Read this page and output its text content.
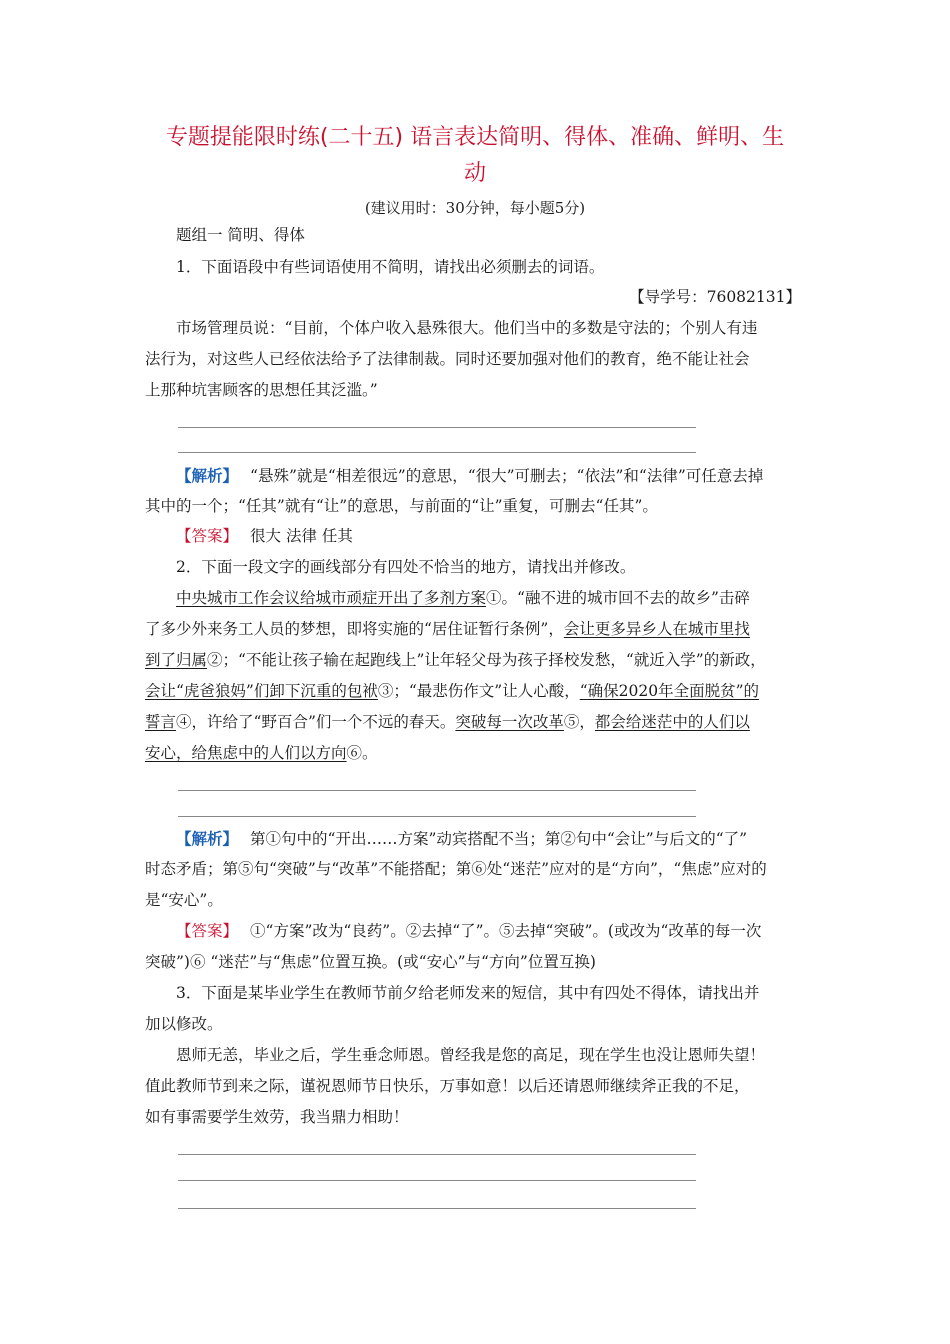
专题提能限时练(二十五) 语言表达简明、得体、准确、鲜明、生
动
(建议用时：30分钟，每小题5分)
题组一 简明、得体
1．下面语段中有些词语使用不简明，请找出必须删去的词语。
【导学号：76082131】
市场管理员说：“目前，个体户收入悬殊很大。他们当中的多数是守法的；个别人有违
法行为，对这些人已经依法给予了法律制裁。同时还要加强对他们的教育，绝不能让社会
上那种坑害顾客的思想任其泛滥。”
【解析】 “悬殊”就是“相差很远”的意思，“很大”可删去；“依法”和“法律”可任意去掉
其中的一个；“任其”就有“让”的意思，与前面的“让”重复，可删去“任其”。
【答案】 很大 法律 任其
2．下面一段文字的画线部分有四处不恰当的地方，请找出并修改。
中央城市工作会议给城市顽症开出了多剂方案①。“融不进的城市回不去的故乡”击碎
了多少外来务工人员的梦想，即将实施的“居住证暂行条例”，会让更多异乡人在城市里找
到了归属②；“不能让孩子输在起跑线上”让年轻父母为孩子择校发愁，“就近入学”的新政，
会让“虎爸狼妈”们卸下沉重的包袱③；“最悲伤作文”让人心酸，“确保2020年全面脱贫”的
誓言④，许给了“野百合”们一个不远的春天。突破每一次改革⑤，都会给迷茫中的人们以
安心，给焦虑中的人们以方向⑥。
【解析】 第①句中的“开出……方案”动宾搭配不当；第②句中“会让”与后文的“了”
时态矛盾；第⑤句“突破”与“改革”不能搭配；第⑥处“迷茫”应对的是“方向”，“焦虑”应对的
是“安心”。
【答案】 ①“方案”改为“良药”。②去掉“了”。⑤去掉“突破”。(或改为“改革的每一次
突破”)⑥ “迷茫”与“焦虑”位置互换。(或“安心”与“方向”位置互换)
3．下面是某毕业学生在教师节前夕给老师发来的短信，其中有四处不得体，请找出并
加以修改。
恩师无恙，毕业之后，学生垂念师恩。曾经我是您的高足，现在学生也没让恩师失望！
值此教师节到来之际，谨祝恩师节日快乐，万事如意！以后还请恩师继续斧正我的不足，
如有事需要学生效劳，我当鼎力相助！
